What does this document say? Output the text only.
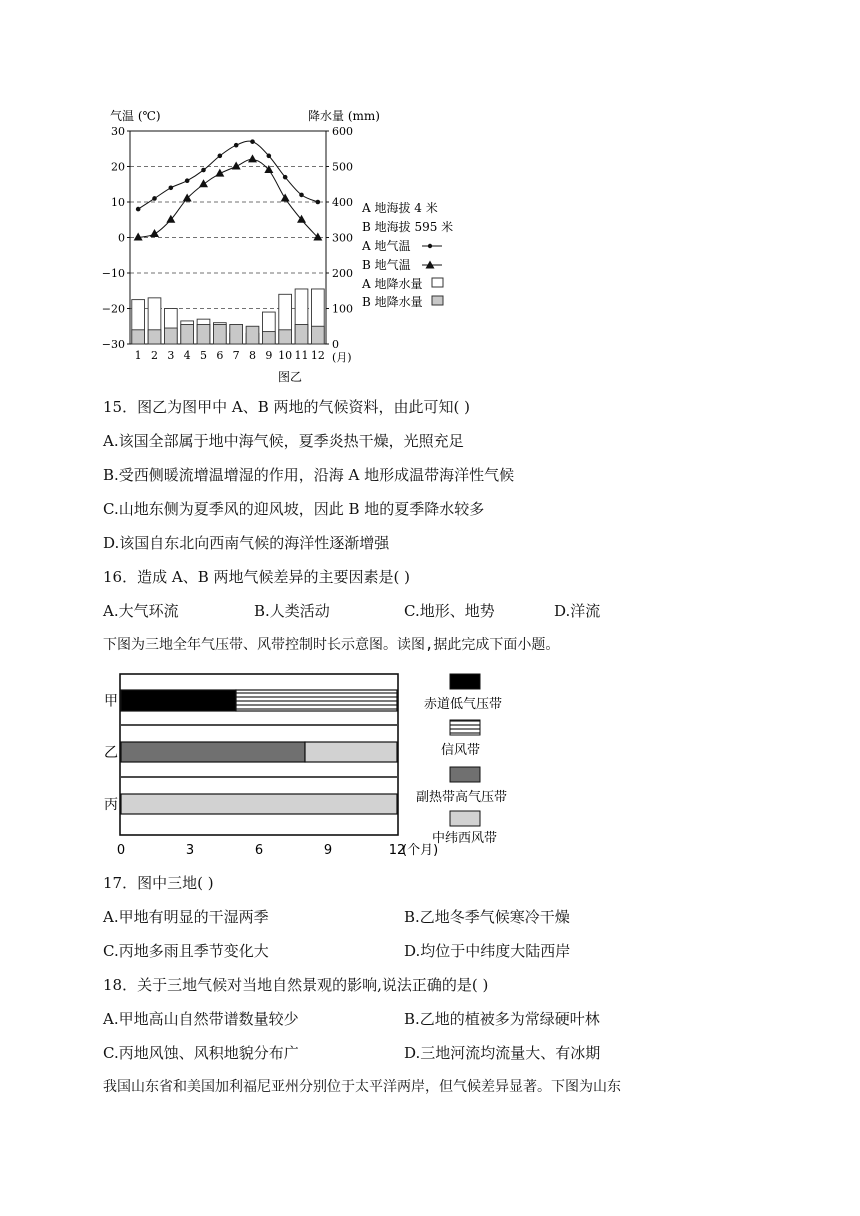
气温 (℃)	降水量 (mm)
30
20
10
0
−10
−20
−30
600
500
400
300
200
100
0
1 2 3 4 5 6 7 8 9 10 11 12 (月)
图乙
A 地海拔 4 米
B 地海拔 595 米
A 地气温
B 地气温
A 地降水量
B 地降水量
15．图乙为图甲中 A、B 两地的气候资料，由此可知( )
A.该国全部属于地中海气候，夏季炎热干燥，光照充足
B.受西侧暖流增温增湿的作用，沿海 A 地形成温带海洋性气候
C.山地东侧为夏季风的迎风坡，因此 B 地的夏季降水较多
D.该国自东北向西南气候的海洋性逐渐增强
16．造成 A、B 两地气候差异的主要因素是( )
A.大气环流	B.人类活动	C.地形、地势	D.洋流
下图为三地全年气压带、风带控制时长示意图。读图,据此完成下面小题。
甲
乙
丙
0	3	6	9	12
(个月)
赤道低气压带
信风带
副热带高气压带
中纬西风带
17．图中三地( )
A.甲地有明显的干湿两季	B.乙地冬季气候寒冷干燥
C.丙地多雨且季节变化大	D.均位于中纬度大陆西岸
18．关于三地气候对当地自然景观的影响,说法正确的是( )
A.甲地高山自然带谱数量较少	B.乙地的植被多为常绿硬叶林
C.丙地风蚀、风积地貌分布广	D.三地河流均流量大、有冰期
我国山东省和美国加利福尼亚州分别位于太平洋两岸，但气候差异显著。下图为山东
